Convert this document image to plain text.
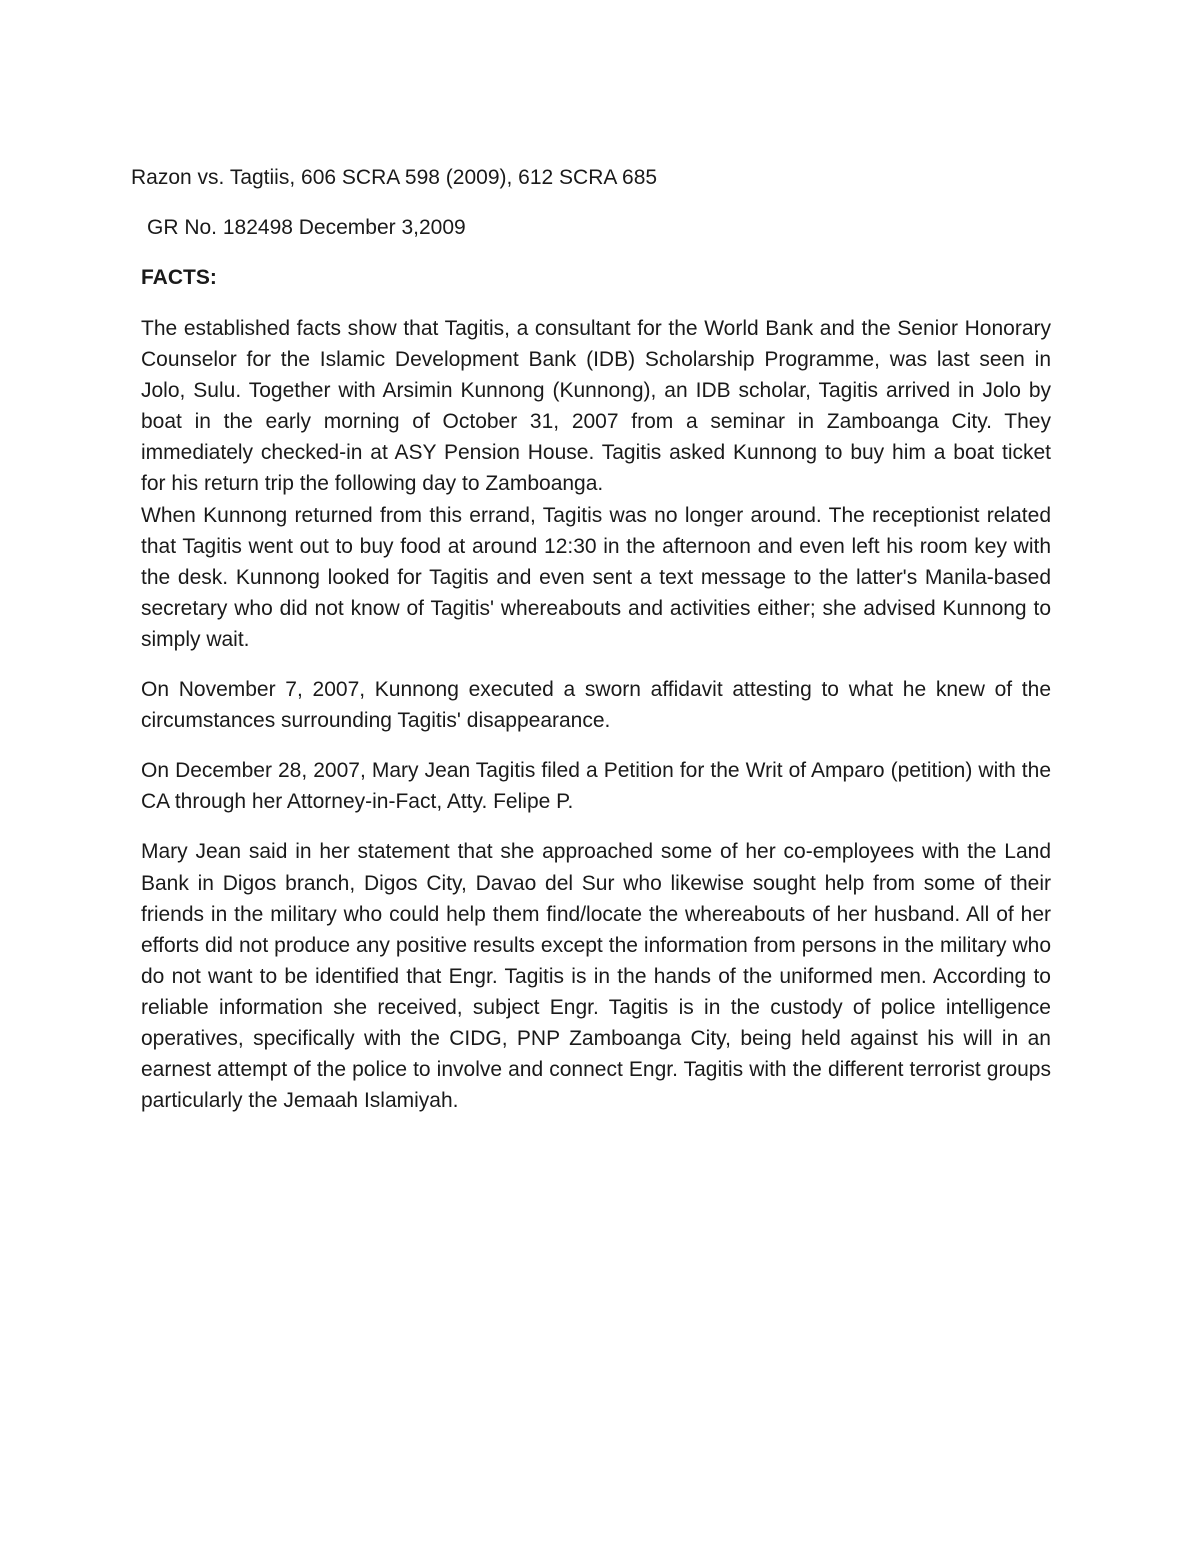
Razon vs. Tagtiis, 606 SCRA 598 (2009), 612 SCRA 685

GR No. 182498 December 3,2009

FACTS:

The established facts show that Tagitis, a consultant for the World Bank and the Senior Honorary Counselor for the Islamic Development Bank (IDB) Scholarship Programme, was last seen in Jolo, Sulu. Together with Arsimin Kunnong (Kunnong), an IDB scholar, Tagitis arrived in Jolo by boat in the early morning of October 31, 2007 from a seminar in Zamboanga City. They immediately checked-in at ASY Pension House. Tagitis asked Kunnong to buy him a boat ticket for his return trip the following day to Zamboanga.

When Kunnong returned from this errand, Tagitis was no longer around. The receptionist related that Tagitis went out to buy food at around 12:30 in the afternoon and even left his room key with the desk. Kunnong looked for Tagitis and even sent a text message to the latter's Manila-based secretary who did not know of Tagitis' whereabouts and activities either; she advised Kunnong to simply wait.

On November 7, 2007, Kunnong executed a sworn affidavit attesting to what he knew of the circumstances surrounding Tagitis' disappearance.

On December 28, 2007, Mary Jean Tagitis filed a Petition for the Writ of Amparo (petition) with the CA through her Attorney-in-Fact, Atty. Felipe P.

Mary Jean said in her statement that she approached some of her co-employees with the Land Bank in Digos branch, Digos City, Davao del Sur who likewise sought help from some of their friends in the military who could help them find/locate the whereabouts of her husband. All of her efforts did not produce any positive results except the information from persons in the military who do not want to be identified that Engr. Tagitis is in the hands of the uniformed men. According to reliable information she received, subject Engr. Tagitis is in the custody of police intelligence operatives, specifically with the CIDG, PNP Zamboanga City, being held against his will in an earnest attempt of the police to involve and connect Engr. Tagitis with the different terrorist groups particularly the Jemaah Islamiyah.
